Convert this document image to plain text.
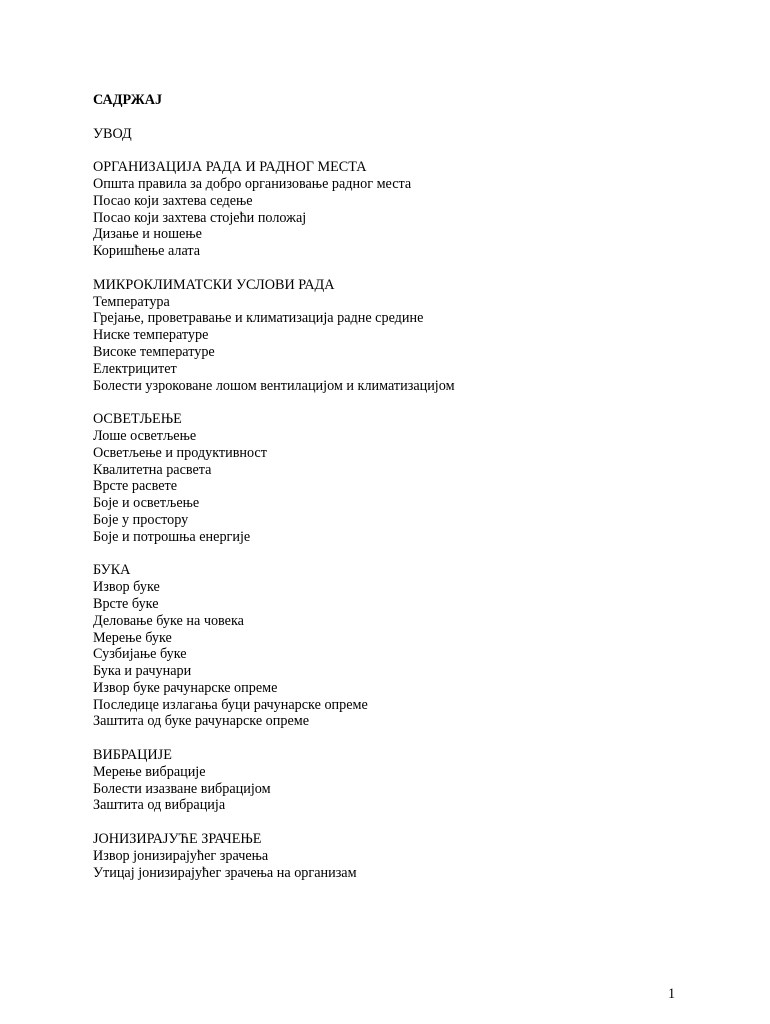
САДРЖАЈ
УВОД
ОРГАНИЗАЦИЈА РАДА И РАДНОГ МЕСТА
Општа правила за добро организовање радног места
Посао који захтева седење
Посао који захтева стојећи положај
Дизање и ношење
Коришћење алата
МИКРОКЛИМАТСКИ УСЛОВИ РАДА
Температура
Грејање, проветравање и климатизација радне средине
Ниске температуре
Високе температуре
Електрицитет
Болести узроковане лошом вентилацијом и климатизацијом
ОСВЕТЉЕЊЕ
Лоше осветљење
Осветљење и продуктивност
Квалитетна расвета
Врсте расвете
Боје и осветљење
Боје у простору
Боје и потрошња енергије
БУКА
Извор буке
Врсте буке
Деловање буке на човека
Мерење буке
Сузбијање буке
Бука и рачунари
Извор буке рачунарске опреме
Последице излагања буци рачунарске опреме
Заштита од буке рачунарске опреме
ВИБРАЦИЈЕ
Мерење вибрације
Болести изазване вибрацијом
Заштита од вибрација
ЈОНИЗИРАЈУЋЕ ЗРАЧЕЊЕ
Извор јонизирајућег зрачења
Утицај јонизирајућег зрачења на организам
1
